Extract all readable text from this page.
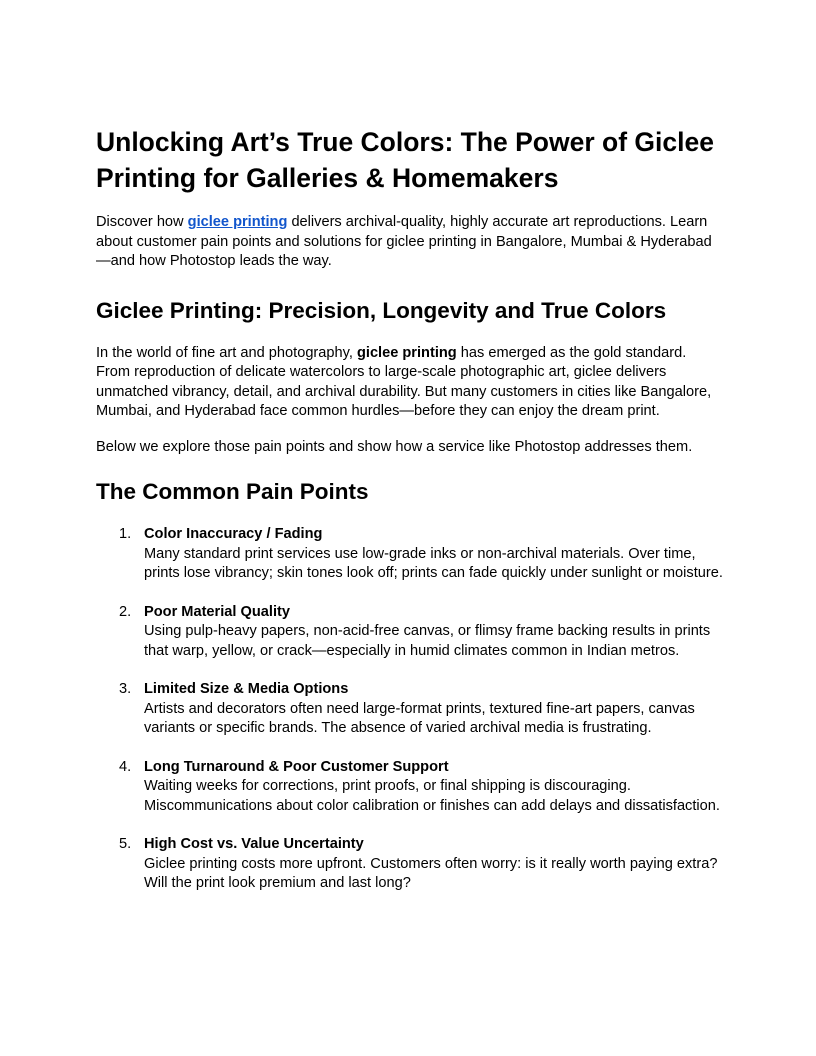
Unlocking Art’s True Colors: The Power of Giclee Printing for Galleries & Homemakers

Discover how giclee printing delivers archival-quality, highly accurate art reproductions. Learn about customer pain points and solutions for giclee printing in Bangalore, Mumbai & Hyderabad—and how Photostop leads the way.

Giclee Printing: Precision, Longevity and True Colors

In the world of fine art and photography, giclee printing has emerged as the gold standard. From reproduction of delicate watercolors to large-scale photographic art, giclee delivers unmatched vibrancy, detail, and archival durability. But many customers in cities like Bangalore, Mumbai, and Hyderabad face common hurdles—before they can enjoy the dream print.

Below we explore those pain points and show how a service like Photostop addresses them.

The Common Pain Points
1. Color Inaccuracy / Fading
Many standard print services use low-grade inks or non-archival materials. Over time, prints lose vibrancy; skin tones look off; prints can fade quickly under sunlight or moisture.
2. Poor Material Quality
Using pulp-heavy papers, non-acid-free canvas, or flimsy frame backing results in prints that warp, yellow, or crack—especially in humid climates common in Indian metros.
3. Limited Size & Media Options
Artists and decorators often need large-format prints, textured fine-art papers, canvas variants or specific brands. The absence of varied archival media is frustrating.
4. Long Turnaround & Poor Customer Support
Waiting weeks for corrections, print proofs, or final shipping is discouraging. Miscommunications about color calibration or finishes can add delays and dissatisfaction.
5. High Cost vs. Value Uncertainty
Giclee printing costs more upfront. Customers often worry: is it really worth paying extra? Will the print look premium and last long?
